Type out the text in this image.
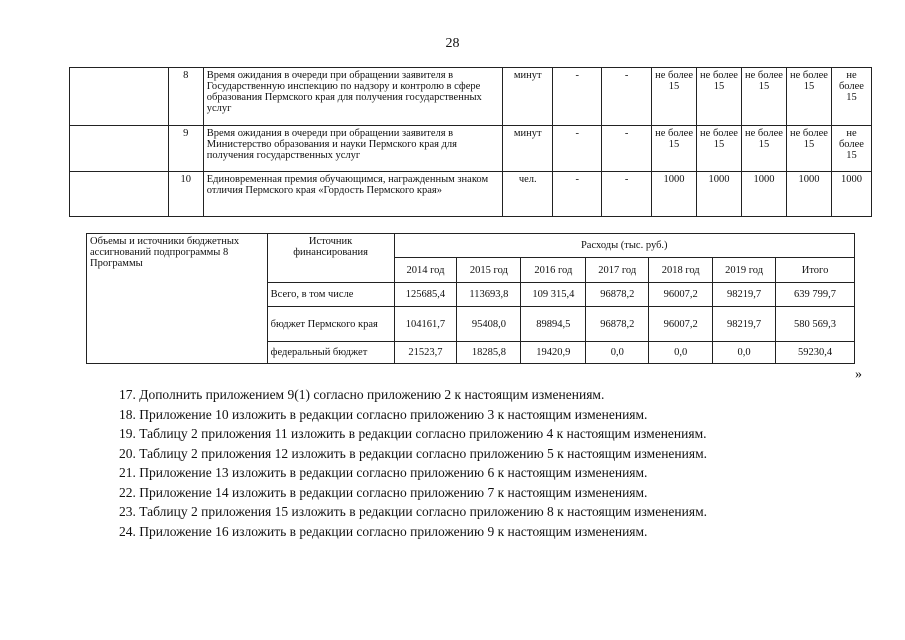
28
	8	Время ожидания в очереди при обращении заявителя в Государственную инспекцию по надзору и контролю в сфере образования Пермского края для получения государственных услуг	минут	-	-	не более 15	не более 15	не более 15	не более 15	не более 15
	9	Время ожидания в очереди при обращении заявителя в Министерство образования и науки Пермского края для получения государственных услуг	минут	-	-	не более 15	не более 15	не более 15	не более 15	не более 15
	10	Единовременная премия обучающимся, награжденным знаком отличия Пермского края «Гордость Пермского края»	чел.	-	-	1000	1000	1000	1000	1000
Объемы и источники бюджетных ассигнований подпрограммы 8 Программы	Источник финансирования	Расходы (тыс. руб.)						
		2014 год	2015 год	2016 год	2017 год	2018 год	2019 год	Итого
	Всего, в том числе	125685,4	113693,8	109 315,4	96878,2	96007,2	98219,7	639 799,7
	бюджет Пермского края	104161,7	95408,0	89894,5	96878,2	96007,2	98219,7	580 569,3
	федеральный бюджет	21523,7	18285,8	19420,9	0,0	0,0	0,0	59230,4
»
17. Дополнить приложением 9(1) согласно приложению 2 к настоящим изменениям.
18. Приложение 10 изложить в редакции согласно приложению 3 к настоящим изменениям.
19. Таблицу 2 приложения 11 изложить в редакции согласно приложению 4 к настоящим изменениям.
20. Таблицу 2 приложения 12 изложить в редакции согласно приложению 5 к настоящим изменениям.
21. Приложение 13 изложить в редакции согласно приложению 6 к настоящим изменениям.
22. Приложение 14 изложить в редакции согласно приложению 7 к настоящим изменениям.
23. Таблицу 2 приложения 15 изложить в редакции согласно приложению 8 к настоящим изменениям.
24. Приложение 16 изложить в редакции согласно приложению 9 к настоящим изменениям.
